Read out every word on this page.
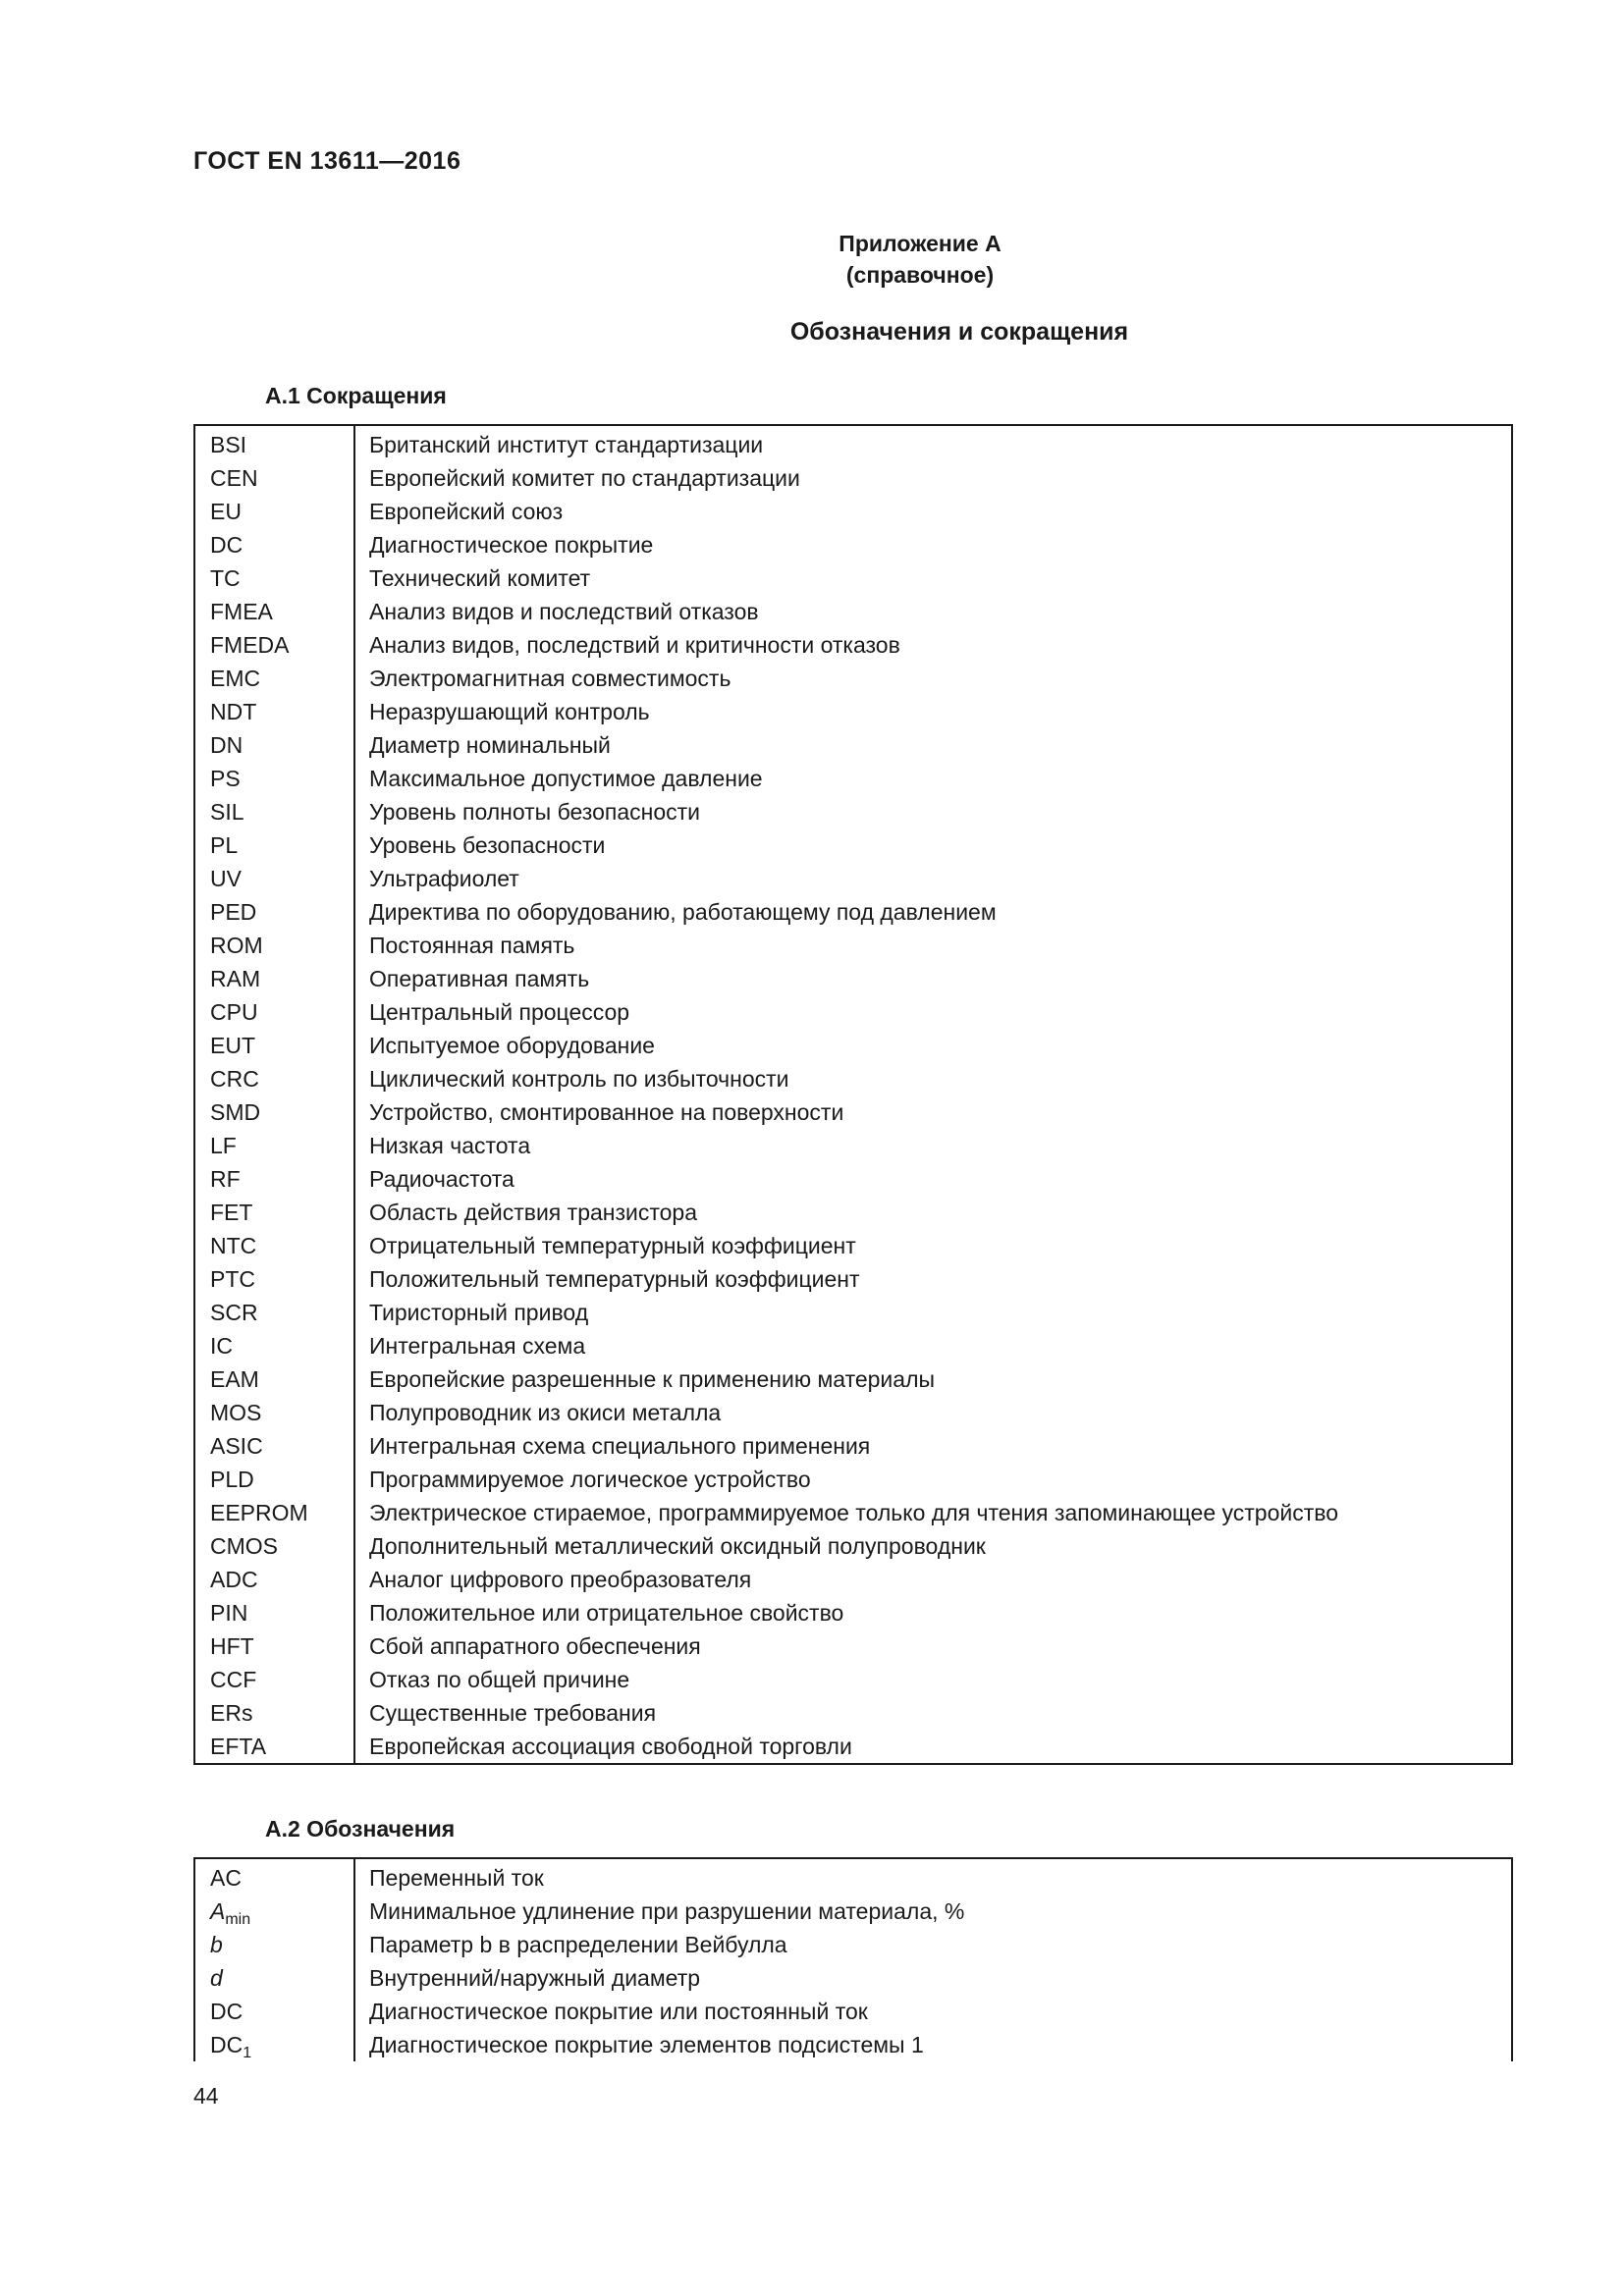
ГОСТ EN 13611—2016
Приложение А
(справочное)
Обозначения и сокращения
А.1 Сокращения
BSI	Британский институт стандартизации
CEN	Европейский комитет по стандартизации
EU	Европейский союз
DC	Диагностическое покрытие
TC	Технический комитет
FMEA	Анализ видов и последствий отказов
FMEDA	Анализ видов, последствий и критичности отказов
EMC	Электромагнитная совместимость
NDT	Неразрушающий контроль
DN	Диаметр номинальный
PS	Максимальное допустимое давление
SIL	Уровень полноты безопасности
PL	Уровень безопасности
UV	Ультрафиолет
PED	Директива по оборудованию, работающему под давлением
ROM	Постоянная память
RAM	Оперативная память
CPU	Центральный процессор
EUT	Испытуемое оборудование
CRC	Циклический контроль по избыточности
SMD	Устройство, смонтированное на поверхности
LF	Низкая частота
RF	Радиочастота
FET	Область действия транзистора
NTC	Отрицательный температурный коэффициент
PTC	Положительный температурный коэффициент
SCR	Тиристорный привод
IC	Интегральная схема
EAM	Европейские разрешенные к применению материалы
MOS	Полупроводник из окиси металла
ASIC	Интегральная схема специального применения
PLD	Программируемое логическое устройство
EEPROM	Электрическое стираемое, программируемое только для чтения запоминающее устройство
CMOS	Дополнительный металлический оксидный полупроводник
ADC	Аналог цифрового преобразователя
PIN	Положительное или отрицательное свойство
HFT	Сбой аппаратного обеспечения
CCF	Отказ по общей причине
ERs	Существенные требования
EFTA	Европейская ассоциация свободной торговли
А.2 Обозначения
AC	Переменный ток
$A_{min}$	Минимальное удлинение при разрушении материала, %
b	Параметр b в распределении Вейбулла
d	Внутренний/наружный диаметр
DC	Диагностическое покрытие или постоянный ток
$DC_1$	Диагностическое покрытие элементов подсистемы 1
44
